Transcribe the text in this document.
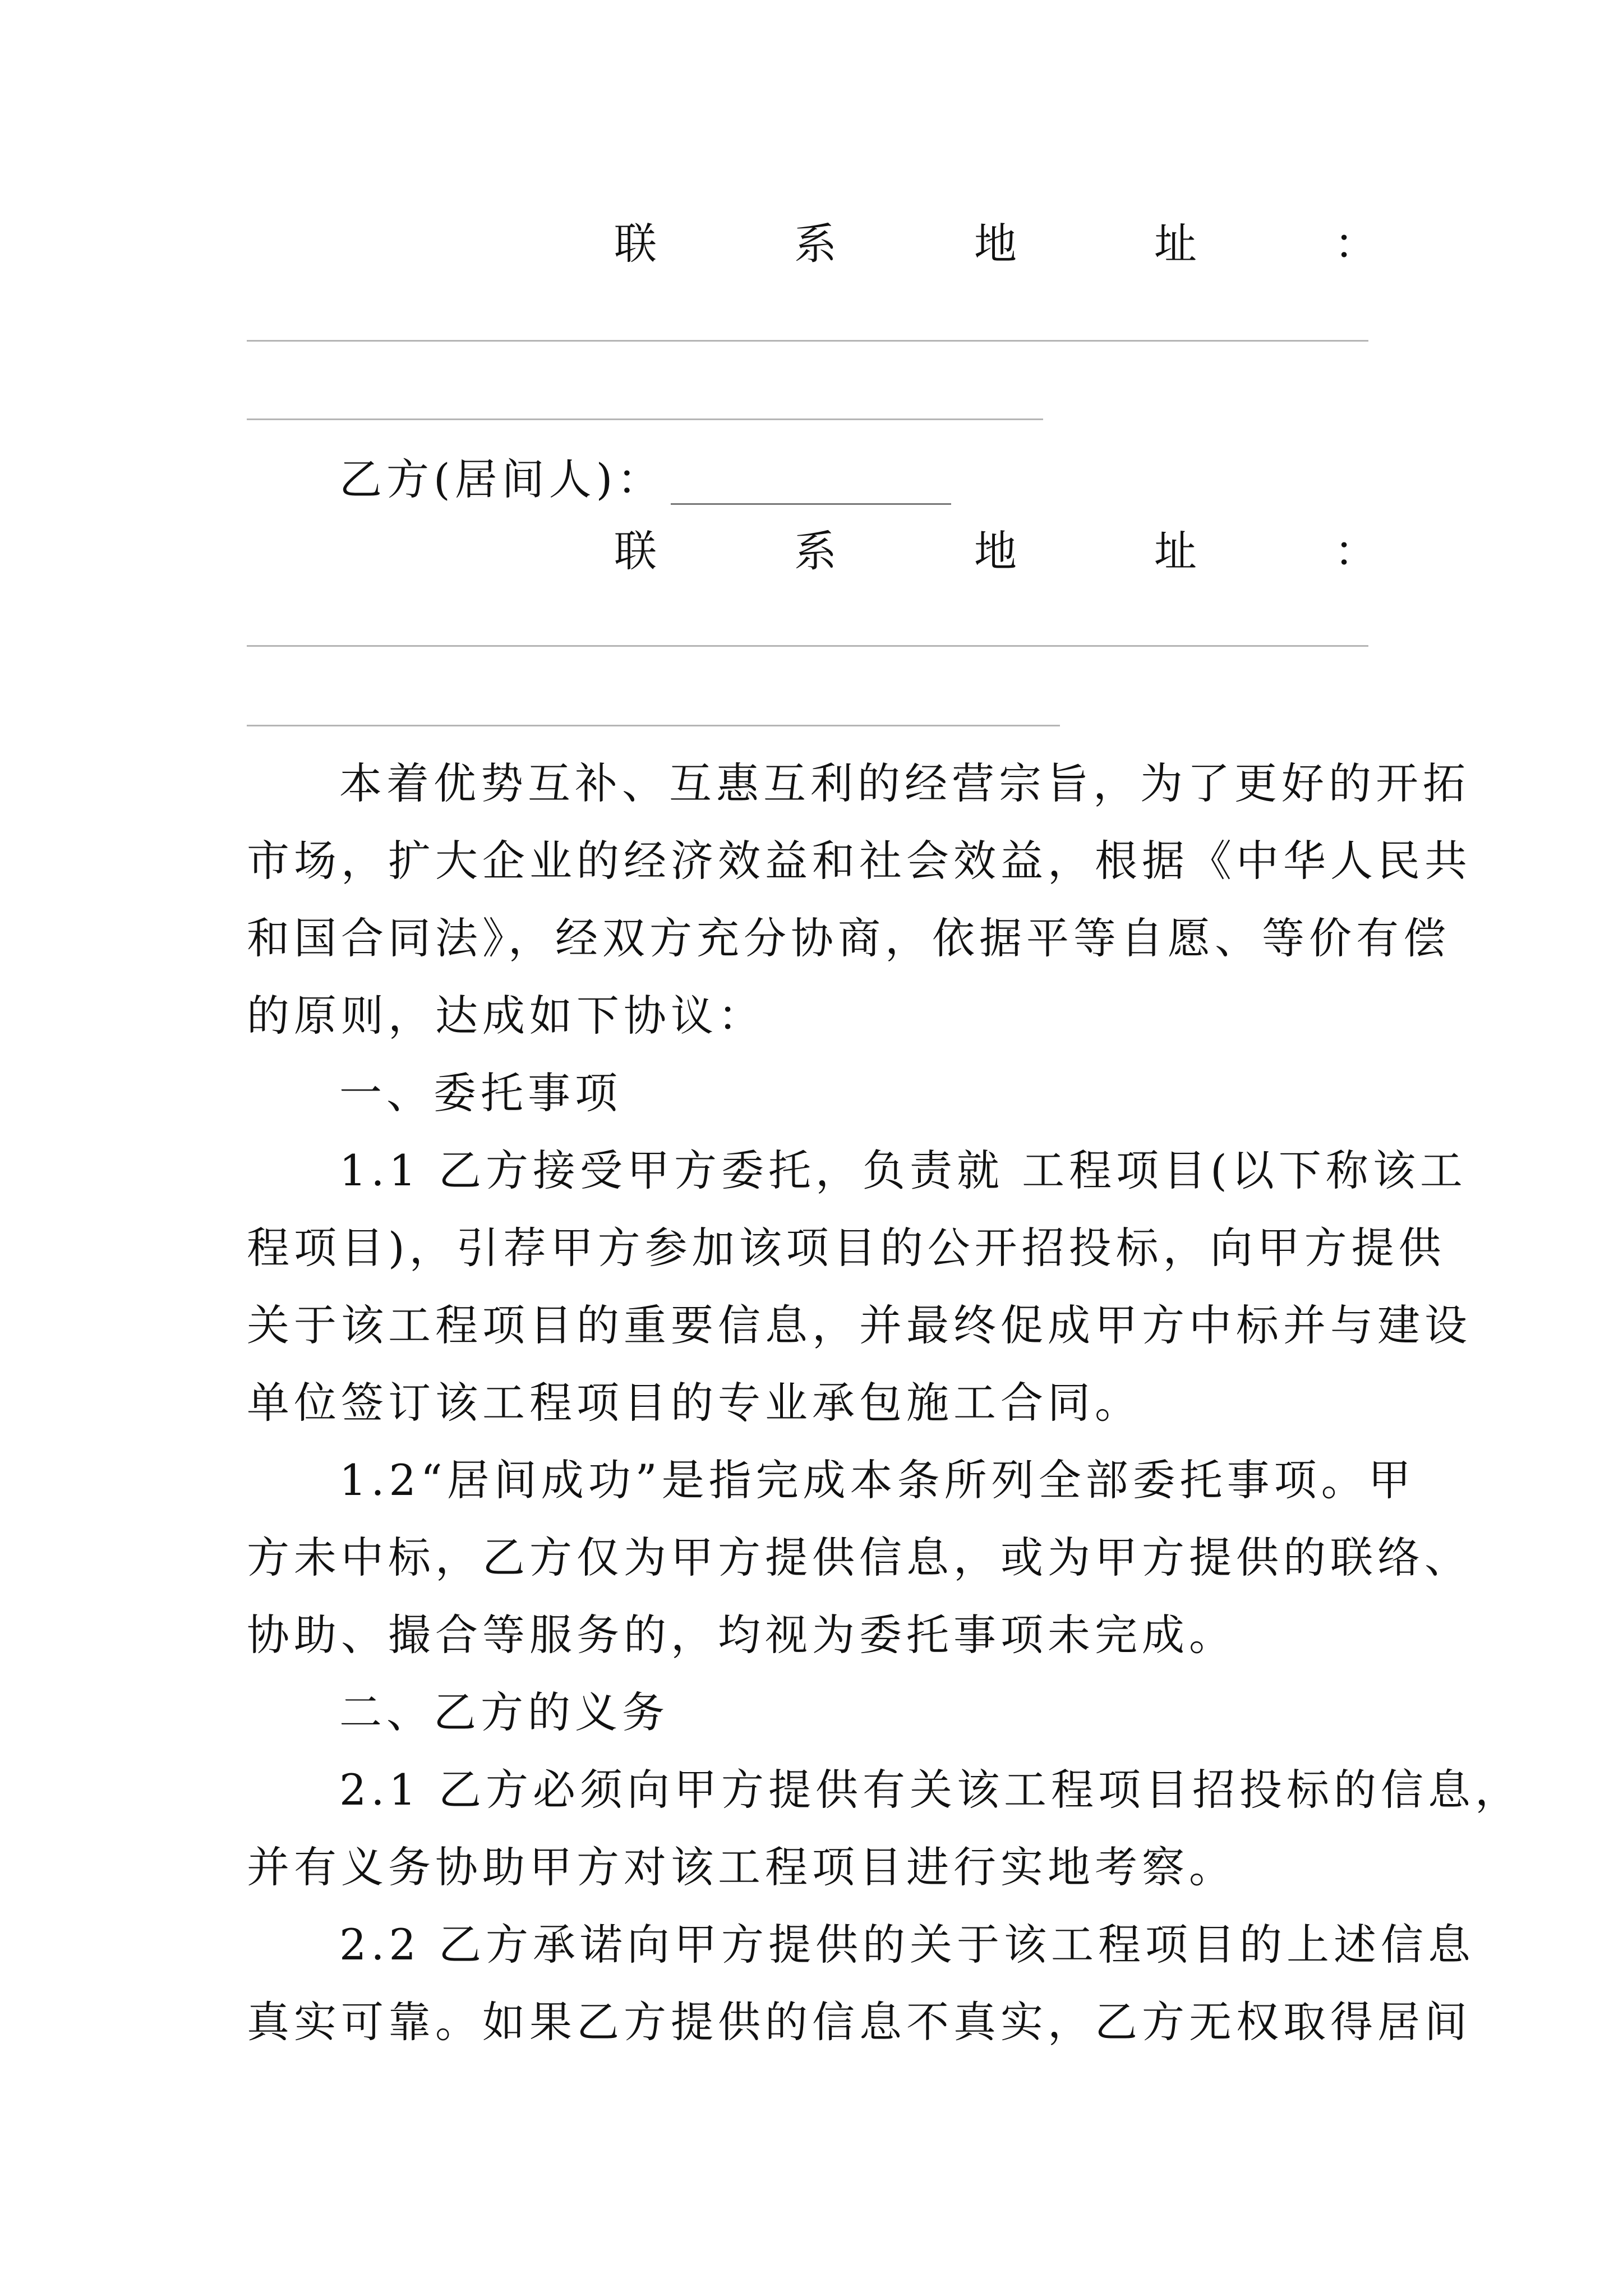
联	系	地	址	：
乙方(居间人)：
联	系	地	址	：
本着优势互补、互惠互利的经营宗旨，为了更好的开拓
市场，扩大企业的经济效益和社会效益，根据《中华人民共
和国合同法》，经双方充分协商，依据平等自愿、等价有偿
的原则，达成如下协议：
一、委托事项
1.1 乙方接受甲方委托，负责就 工程项目(以下称该工
程项目)，引荐甲方参加该项目的公开招投标，向甲方提供
关于该工程项目的重要信息，并最终促成甲方中标并与建设
单位签订该工程项目的专业承包施工合同。
1.2“居间成功”是指完成本条所列全部委托事项。甲
方未中标，乙方仅为甲方提供信息，或为甲方提供的联络、
协助、撮合等服务的，均视为委托事项未完成。
二、乙方的义务
2.1 乙方必须向甲方提供有关该工程项目招投标的信息，
并有义务协助甲方对该工程项目进行实地考察。
2.2 乙方承诺向甲方提供的关于该工程项目的上述信息
真实可靠。如果乙方提供的信息不真实，乙方无权取得居间
